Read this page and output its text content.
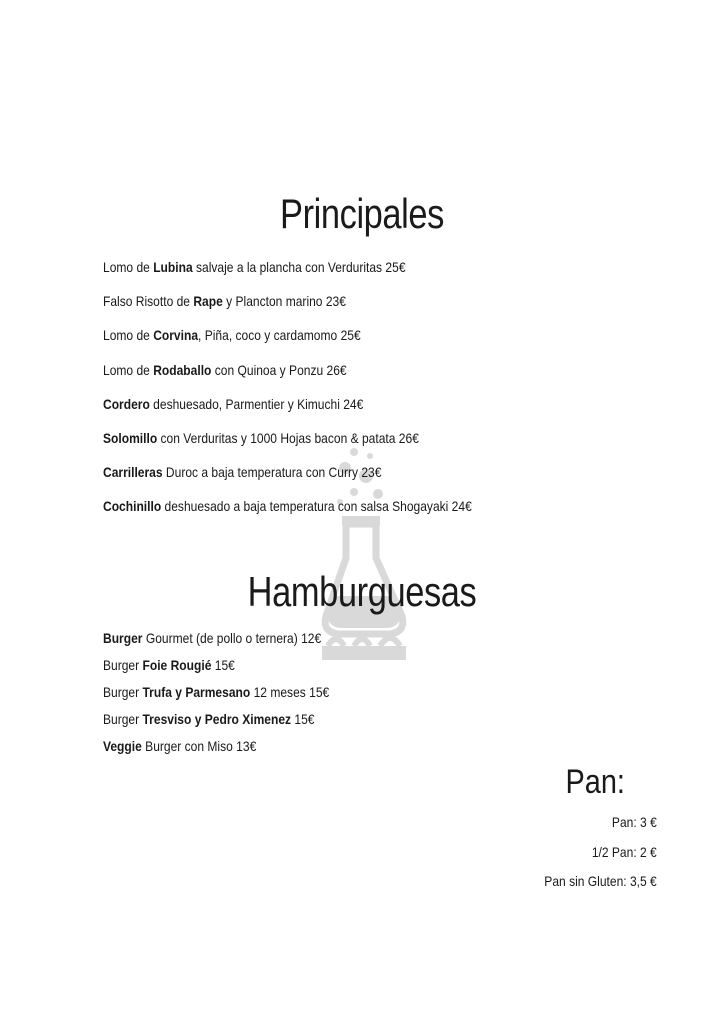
Principales
Lomo de Lubina salvaje a la plancha con Verduritas 25€
Falso Risotto de Rape y Plancton marino 23€
Lomo de Corvina, Piña, coco y cardamomo 25€
Lomo de Rodaballo con Quinoa y Ponzu 26€
Cordero deshuesado, Parmentier y Kimuchi 24€
Solomillo con Verduritas y 1000 Hojas bacon & patata 26€
Carrilleras Duroc a baja temperatura con Curry 23€
Cochinillo deshuesado a baja temperatura con salsa Shogayaki 24€
Hamburguesas
Burger Gourmet (de pollo o ternera) 12€
Burger Foie Rougié 15€
Burger Trufa y Parmesano 12 meses 15€
Burger Tresviso y Pedro Ximenez 15€
Veggie Burger con Miso 13€
Pan:
Pan: 3 €
1/2 Pan: 2 €
Pan sin Gluten: 3,5 €
